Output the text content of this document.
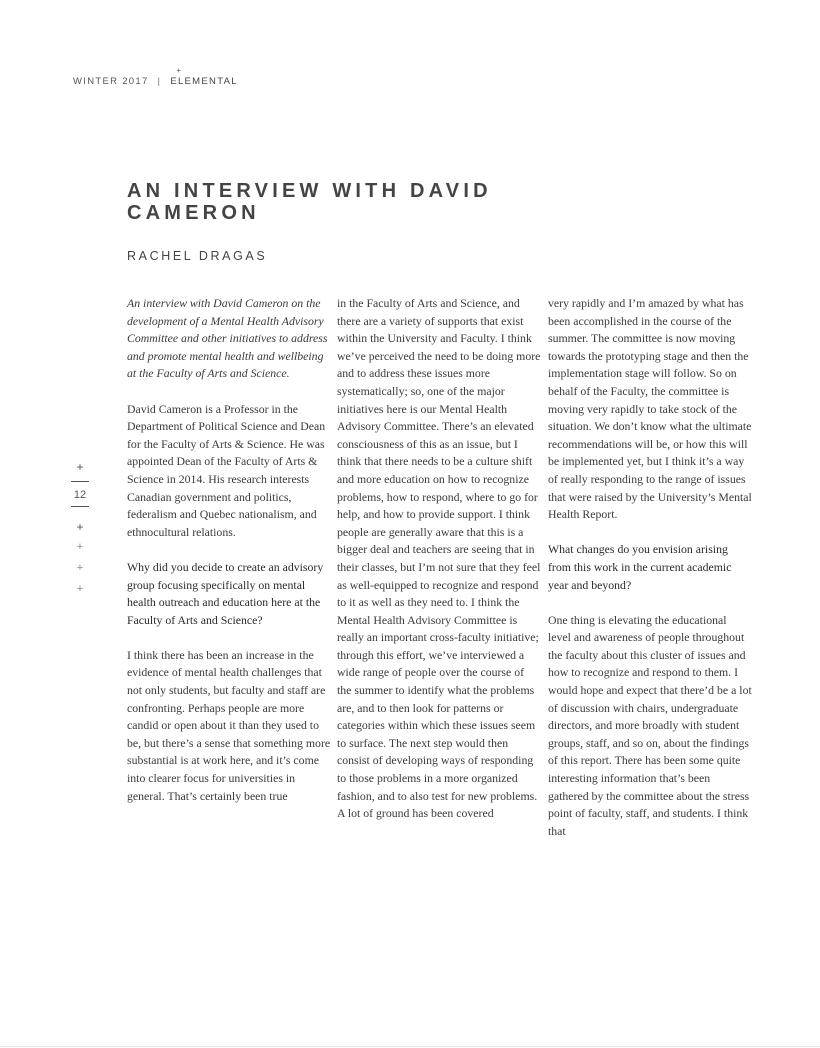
WINTER 2017 |
+
ELEMENTAL
AN INTERVIEW WITH DAVID CAMERON
RACHEL DRAGAS
+
12
+
+
+
+

An interview with David Cameron on the development of a Mental Health Advisory Committee and other initiatives to address and promote mental health and wellbeing at the Faculty of Arts and Science.

David Cameron is a Professor in the Department of Political Science and Dean for the Faculty of Arts & Science. He was appointed Dean of the Faculty of Arts & Science in 2014. His research interests Canadian government and politics, federalism and Quebec nationalism, and ethnocultural relations.

Why did you decide to create an advisory group focusing specifically on mental health outreach and education here at the Faculty of Arts and Science?

I think there has been an increase in the evidence of mental health challenges that not only students, but faculty and staff are confronting. Perhaps people are more candid or open about it than they used to be, but there’s a sense that something more substantial is at work here, and it’s come into clearer focus for universities in general. That’s certainly been true

in the Faculty of Arts and Science, and there are a variety of supports that exist within the University and Faculty. I think we’ve perceived the need to be doing more and to address these issues more systematically; so, one of the major initiatives here is our Mental Health Advisory Committee. There’s an elevated consciousness of this as an issue, but I think that there needs to be a culture shift and more education on how to recognize problems, how to respond, where to go for help, and how to provide support. I think people are generally aware that this is a bigger deal and teachers are seeing that in their classes, but I’m not sure that they feel as well-equipped to recognize and respond to it as well as they need to. I think the Mental Health Advisory Committee is really an important cross-faculty initiative; through this effort, we’ve interviewed a wide range of people over the course of the summer to identify what the problems are, and to then look for patterns or categories within which these issues seem to surface. The next step would then consist of developing ways of responding to those problems in a more organized fashion, and to also test for new problems. A lot of ground has been covered

very rapidly and I’m amazed by what has been accomplished in the course of the summer. The committee is now moving towards the prototyping stage and then the implementation stage will follow. So on behalf of the Faculty, the committee is moving very rapidly to take stock of the situation. We don’t know what the ultimate recommendations will be, or how this will be implemented yet, but I think it’s a way of really responding to the range of issues that were raised by the University’s Mental Health Report.

What changes do you envision arising from this work in the current academic year and beyond?

One thing is elevating the educational level and awareness of people throughout the faculty about this cluster of issues and how to recognize and respond to them. I would hope and expect that there’d be a lot of discussion with chairs, undergraduate directors, and more broadly with student groups, staff, and so on, about the findings of this report. There has been some quite interesting information that’s been gathered by the committee about the stress point of faculty, staff, and students. I think that
